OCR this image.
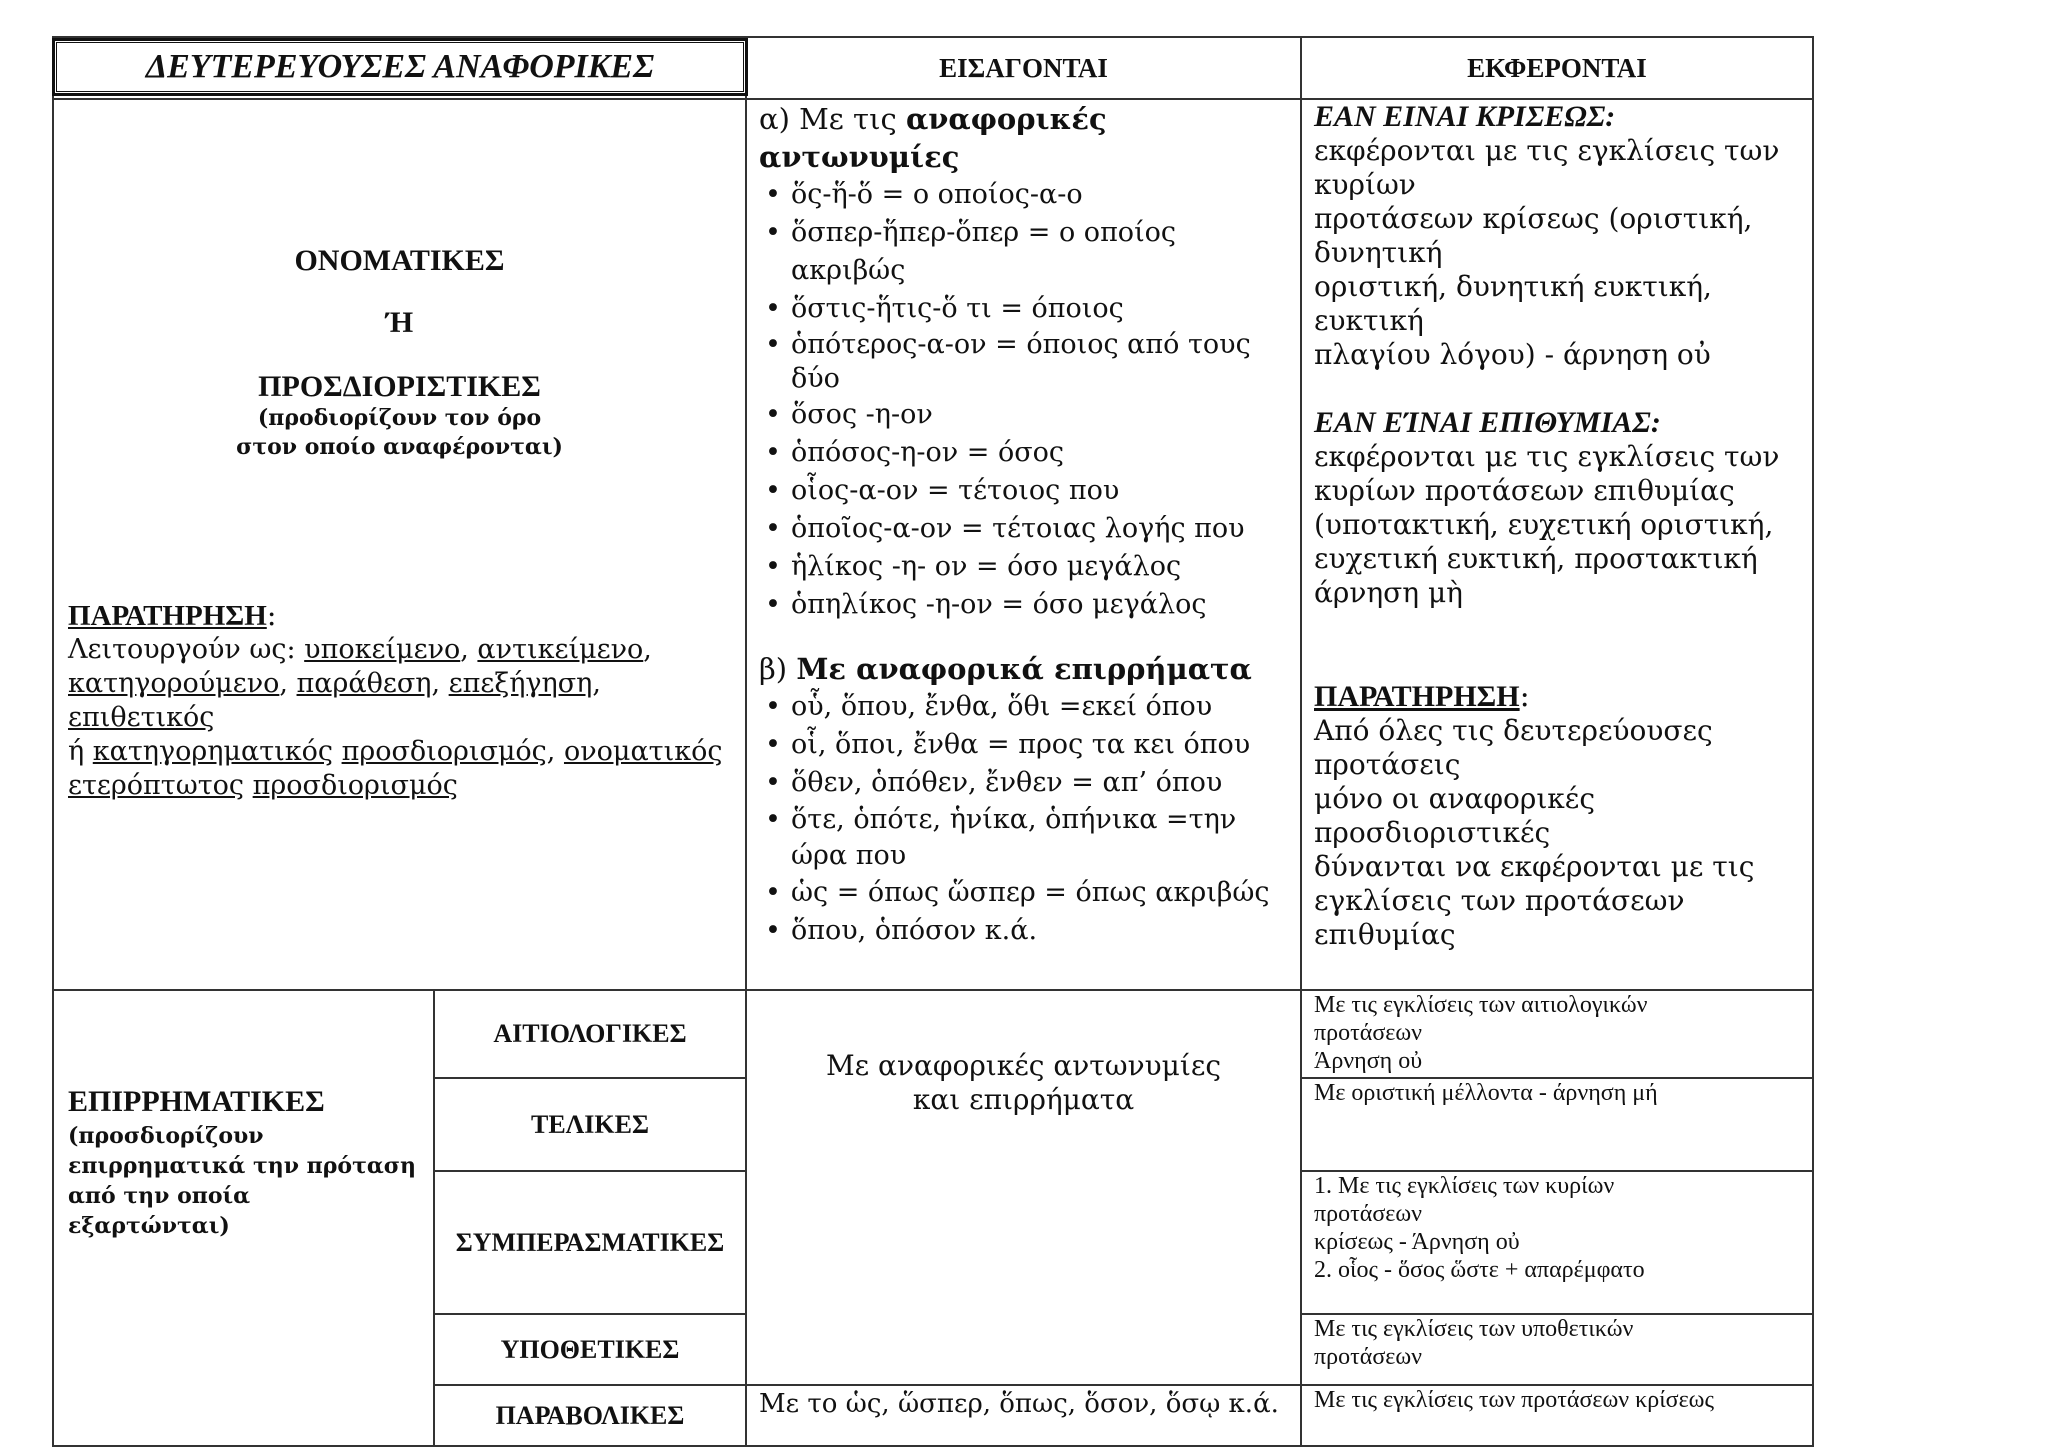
ΔΕΥΤΕΡΕΥΟΥΣΕΣ ΑΝΑΦΟΡΙΚΕΣ	ΕΙΣΑΓΟΝΤΑΙ	ΕΚΦΕΡΟΝΤΑΙ
ΟΝΟΜΑΤΙΚΕΣ
Ή
ΠΡΟΣΔΙΟΡΙΣΤΙΚΕΣ
(προδιορίζουν τον όρο
στον οποίο αναφέρονται)
ΠΑΡΑΤΗΡΗΣΗ:
Λειτουργούν ως: υποκείμενο, αντικείμενο, κατηγορούμενο, παράθεση, επεξήγηση, επιθετικός
ή κατηγορηματικός προσδιορισμός, ονοματικός ετερόπτωτος προσδιορισμός
α) Με τις αναφορικές αντωνυμίες
• ὅς-ἥ-ὅ = ο οποίος-α-ο
• ὅσπερ-ἥπερ-ὅπερ = ο οποίος ακριβώς
• ὅστις-ἥτις-ὅ τι = όποιος
• ὁπότερος-α-ον = όποιος από τους δύο
• ὅσος -η-ον
• ὁπόσος-η-ον = όσος
• οἷος-α-ον = τέτοιος που
• ὁποῖος-α-ον = τέτοιας λογής που
• ἡλίκος -η- ον = όσο μεγάλος
• ὁπηλίκος -η-ον = όσο μεγάλος
β) Με αναφορικά επιρρήματα
• οὗ, ὅπου, ἔνθα, ὅθι =εκεί όπου
• οἷ, ὅποι, ἔνθα = προς τα κει όπου
• ὅθεν, ὁπόθεν, ἔνθεν = απ’ όπου
• ὅτε, ὁπότε, ἡνίκα, ὁπήνικα =την ώρα που
• ὡς = όπως ὥσπερ = όπως ακριβώς
• ὅπου, ὁπόσον κ.ά.
ΕΑΝ ΕΙΝΑΙ ΚΡΙΣΕΩΣ:
εκφέρονται με τις εγκλίσεις των κυρίων
προτάσεων κρίσεως (οριστική, δυνητική
οριστική, δυνητική ευκτική, ευκτική
πλαγίου λόγου) - άρνηση οὐ
ΕΑΝ ΕΊΝΑΙ ΕΠΙΘΥΜΙΑΣ:
εκφέρονται με τις εγκλίσεις των κυρίων προτάσεων επιθυμίας (υποτακτική, ευχετική οριστική, ευχετική ευκτική, προστακτική άρνηση μὴ
ΠΑΡΑΤΗΡΗΣΗ:
Από όλες τις δευτερεύουσες προτάσεις
μόνο οι αναφορικές προσδιοριστικές
δύνανται να εκφέρονται με τις
εγκλίσεις των προτάσεων επιθυμίας
ΕΠΙΡΡΗΜΑΤΙΚΕΣ
(προσδιορίζουν επιρρηματικά την πρόταση από την οποία εξαρτώνται)
ΑΙΤΙΟΛΟΓΙΚΕΣ
ΤΕΛΙΚΕΣ
ΣΥΜΠΕΡΑΣΜΑΤΙΚΕΣ
ΥΠΟΘΕΤΙΚΕΣ
ΠΑΡΑΒΟΛΙΚΕΣ
Με αναφορικές αντωνυμίες
και επιρρήματα
Με το ὡς, ὥσπερ, ὅπως, ὅσον, ὅσῳ κ.ά.
Με τις εγκλίσεις των αιτιολογικών
προτάσεων
Άρνηση οὐ
Με οριστική μέλλοντα - άρνηση μή
1. Με τις εγκλίσεις των κυρίων
προτάσεων
κρίσεως - Άρνηση οὐ
2. οἷος - ὅσος ὥστε + απαρέμφατο
Με τις εγκλίσεις των υποθετικών
προτάσεων
Με τις εγκλίσεις των προτάσεων κρίσεως
